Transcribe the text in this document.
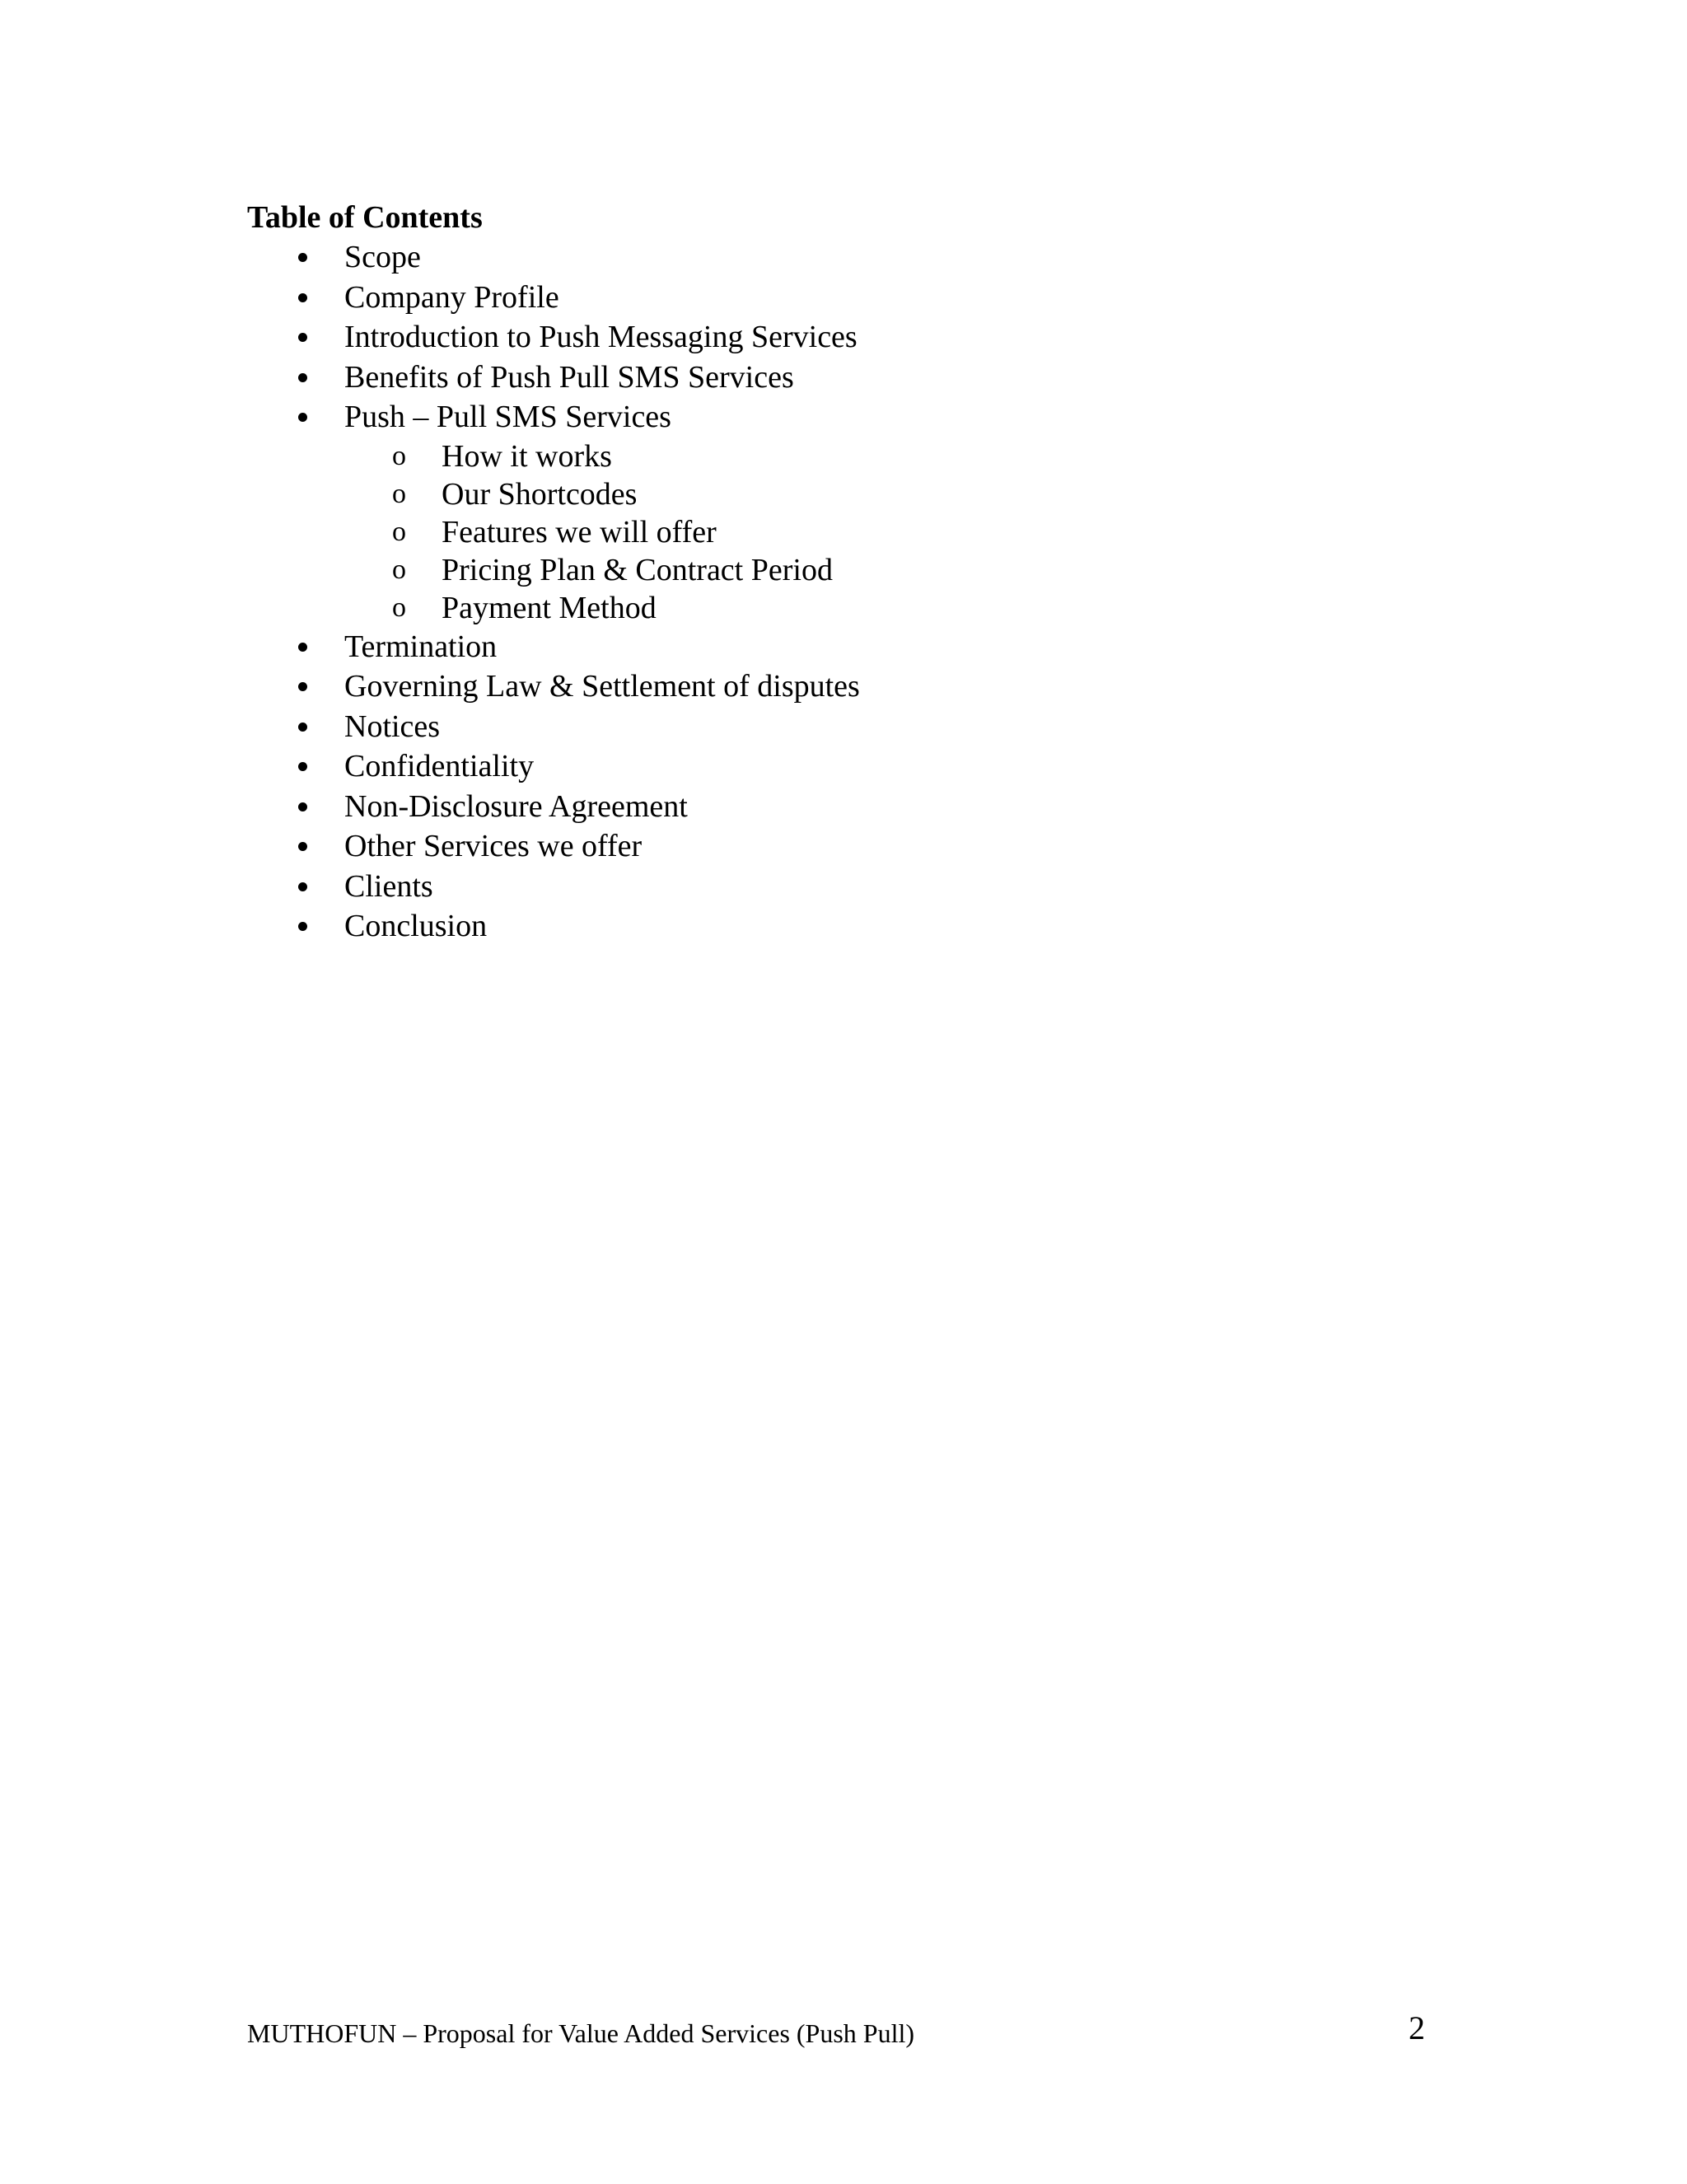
Table of Contents
Scope
Company Profile
Introduction to Push Messaging Services
Benefits of Push Pull SMS Services
Push – Pull SMS Services
o How it works
o Our Shortcodes
o Features we will offer
o Pricing Plan & Contract Period
o Payment Method
Termination
Governing Law & Settlement of disputes
Notices
Confidentiality
Non-Disclosure Agreement
Other Services we offer
Clients
Conclusion
MUTHOFUN – Proposal for Value Added Services (Push Pull)	2
